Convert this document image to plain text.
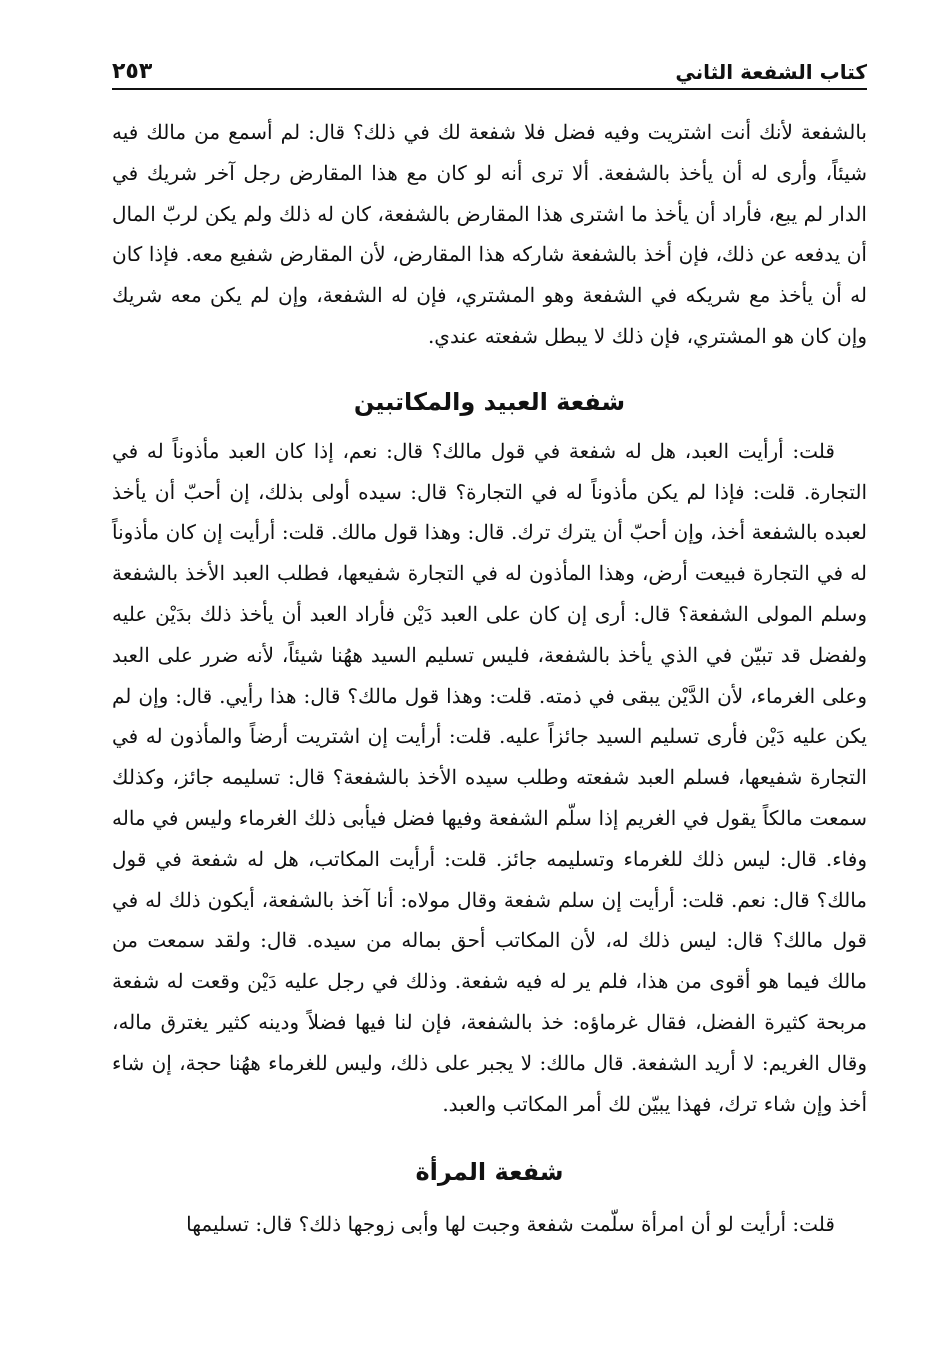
كتاب الشفعة الثاني
٢٥٣

بالشفعة لأنك أنت اشتريت وفيه فضل فلا شفعة لك في ذلك؟ قال: لم أسمع من مالك فيه شيئاً، وأرى له أن يأخذ بالشفعة. ألا ترى أنه لو كان مع هذا المقارض رجل آخر شريك في الدار لم يبع، فأراد أن يأخذ ما اشترى هذا المقارض بالشفعة، كان له ذلك ولم يكن لربّ المال أن يدفعه عن ذلك، فإن أخذ بالشفعة شاركه هذا المقارض، لأن المقارض شفيع معه. فإذا كان له أن يأخذ مع شريكه في الشفعة وهو المشتري، فإن له الشفعة، وإن لم يكن معه شريك وإن كان هو المشتري، فإن ذلك لا يبطل شفعته عندي.

شفعة العبيد والمكاتبين

قلت: أرأيت العبد، هل له شفعة في قول مالك؟ قال: نعم، إذا كان العبد مأذوناً له في التجارة. قلت: فإذا لم يكن مأذوناً له في التجارة؟ قال: سيده أولى بذلك، إن أحبّ أن يأخذ لعبده بالشفعة أخذ، وإن أحبّ أن يترك ترك. قال: وهذا قول مالك. قلت: أرأيت إن كان مأذوناً له في التجارة فبيعت أرض، وهذا المأذون له في التجارة شفيعها، فطلب العبد الأخذ بالشفعة وسلم المولى الشفعة؟ قال: أرى إن كان على العبد دَيْن فأراد العبد أن يأخذ ذلك بدَيْن عليه ولفضل قد تبيّن في الذي يأخذ بالشفعة، فليس تسليم السيد ههُنا شيئاً، لأنه ضرر على العبد وعلى الغرماء، لأن الدَّيْن يبقى في ذمته. قلت: وهذا قول مالك؟ قال: هذا رأيي. قال: وإن لم يكن عليه دَيْن فأرى تسليم السيد جائزاً عليه. قلت: أرأيت إن اشتريت أرضاً والمأذون له في التجارة شفيعها، فسلم العبد شفعته وطلب سيده الأخذ بالشفعة؟ قال: تسليمه جائز، وكذلك سمعت مالكاً يقول في الغريم إذا سلّم الشفعة وفيها فضل فيأبى ذلك الغرماء وليس في ماله وفاء. قال: ليس ذلك للغرماء وتسليمه جائز. قلت: أرأيت المكاتب، هل له شفعة في قول مالك؟ قال: نعم. قلت: أرأيت إن سلم شفعة وقال مولاه: أنا آخذ بالشفعة، أيكون ذلك له في قول مالك؟ قال: ليس ذلك له، لأن المكاتب أحق بماله من سيده. قال: ولقد سمعت من مالك فيما هو أقوى من هذا، فلم ير له فيه شفعة. وذلك في رجل عليه دَيْن وقعت له شفعة مربحة كثيرة الفضل، فقال غرماؤه: خذ بالشفعة، فإن لنا فيها فضلاً ودينه كثير يغترق ماله، وقال الغريم: لا أريد الشفعة. قال مالك: لا يجبر على ذلك، وليس للغرماء ههُنا حجة، إن شاء أخذ وإن شاء ترك، فهذا يبيّن لك أمر المكاتب والعبد.

شفعة المرأة

قلت: أرأيت لو أن امرأة سلّمت شفعة وجبت لها وأبى زوجها ذلك؟ قال: تسليمها
